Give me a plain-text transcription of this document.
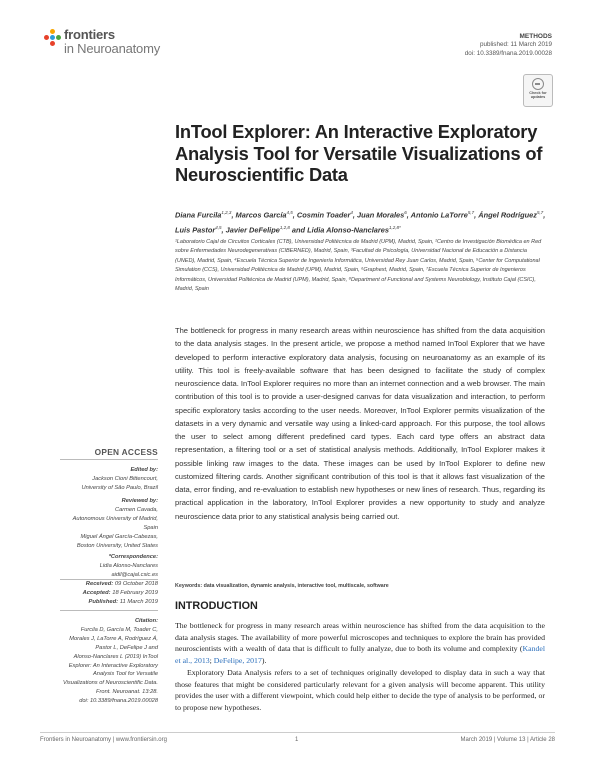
frontiers
in Neuroanatomy
METHODS
published: 11 March 2019
doi: 10.3389/fnana.2019.00028
Check for
updates
InTool Explorer: An Interactive Exploratory Analysis Tool for Versatile Visualizations of Neuroscientific Data
Diana Furcila$^{1,2,3}$, Marcos García$^{4,5}$, Cosmin Toader$^4$, Juan Morales$^6$, Antonio LaTorre$^{5,7}$, Ángel Rodríguez$^{5,7}$, Luis Pastor$^{4,5}$, Javier DeFelipe$^{1,2,8}$ and Lidia Alonso-Nanclares$^{1,2,8*}$
¹Laboratorio Cajal de Circuitos Corticales (CTB), Universidad Politécnica de Madrid (UPM), Madrid, Spain, ²Centro de Investigación Biomédica en Red sobre Enfermedades Neurodegenerativas (CIBERNED), Madrid, Spain, ³Facultad de Psicología, Universidad Nacional de Educación a Distancia (UNED), Madrid, Spain, ⁴Escuela Técnica Superior de Ingeniería Informática, Universidad Rey Juan Carlos, Madrid, Spain, ⁵Center for Computational Simulation (CCS), Universidad Politécnica de Madrid (UPM), Madrid, Spain, ⁶Graphext, Madrid, Spain, ⁷Escuela Técnica Superior de Ingenieros Informáticos, Universidad Politécnica de Madrid (UPM), Madrid, Spain, ⁸Department of Functional and Systems Neurobiology, Instituto Cajal (CSIC), Madrid, Spain
The bottleneck for progress in many research areas within neuroscience has shifted from the data acquisition to the data analysis stages. In the present article, we propose a method named InTool Explorer that we have developed to perform interactive exploratory data analysis, focusing on neuroanatomy as an example of its utility. This tool is freely-available software that has been designed to facilitate the study of complex neuroscience data. InTool Explorer requires no more than an internet connection and a web browser. The main contribution of this tool is to provide a user-designed canvas for data visualization and interaction, to perform specific exploratory tasks according to the user needs. Moreover, InTool Explorer permits visualization of the datasets in a very dynamic and versatile way using a linked-card approach. For this purpose, the tool allows the user to select among different predefined card types. Each card type offers an abstract data representation, a filtering tool or a set of statistical analysis methods. Additionally, InTool Explorer makes it possible linking raw images to the data. These images can be used by InTool Explorer to define new customized filtering cards. Another significant contribution of this tool is that it allows fast visualization of the data, error finding, and re-evaluation to establish new hypotheses or new lines of research. Thus, regarding its practical application in the laboratory, InTool Explorer provides a new opportunity to study and analyze neuroscience data prior to any statistical analysis being carried out.
Keywords: data visualization, dynamic analysis, interactive tool, multiscale, software
INTRODUCTION

The bottleneck for progress in many research areas within neuroscience has shifted from the data acquisition to the data analysis stages. The availability of more powerful microscopes and techniques to explore the brain has provided neuroscientists with a wealth of data that is difficult to fully analyze, due to both its volume and complexity (Kandel et al., 2013; DeFelipe, 2017).

Exploratory Data Analysis refers to a set of techniques originally developed to display data in such a way that those features that might be considered particularly relevant for a given analysis will become apparent. This utility provides the user with a different viewpoint, which could help either to decide the type of analysis to be performed, or to propose new hypotheses.

OPEN ACCESS
Edited by:
Jackson Cioni Bittencourt,
University of São Paulo, Brazil
Reviewed by:
Carmen Cavada,
Autonomous University of Madrid,
Spain
Miguel Ángel García-Cabezas,
Boston University, United States
*Correspondence:
Lidia Alonso-Nanclares
aidil@cajal.csic.es
Received: 09 October 2018
Accepted: 18 February 2019
Published: 11 March 2019
Citation:
Furcila D, García M, Toader C,
Morales J, LaTorre A, Rodríguez Á,
Pastor L, DeFelipe J and
Alonso-Nanclares L (2019) InTool
Explorer: An Interactive Exploratory
Analysis Tool for Versatile
Visualizations of Neuroscientific Data.
Front. Neuroanat. 13:28.
doi: 10.3389/fnana.2019.00028
Frontiers in Neuroanatomy | www.frontiersin.org	1	March 2019 | Volume 13 | Article 28
